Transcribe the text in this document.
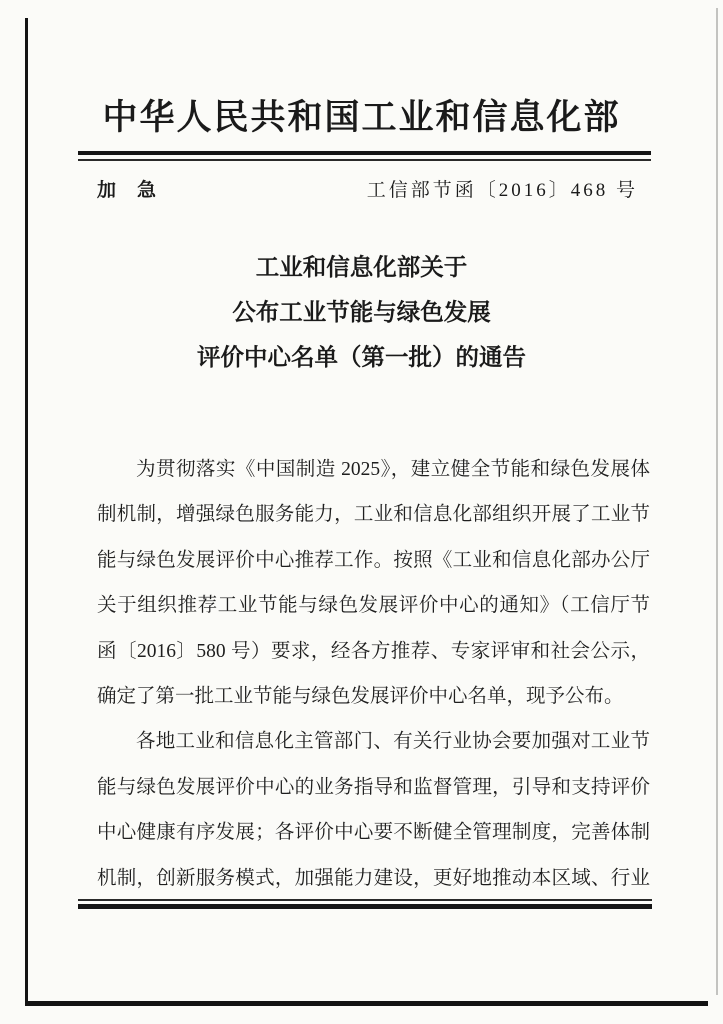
中华人民共和国工业和信息化部
加　急	工信部节函〔2016〕468 号
工业和信息化部关于
公布工业节能与绿色发展
评价中心名单（第一批）的通告
为贯彻落实《中国制造 2025》，建立健全节能和绿色发展体
制机制，增强绿色服务能力，工业和信息化部组织开展了工业节
能与绿色发展评价中心推荐工作。按照《工业和信息化部办公厅
关于组织推荐工业节能与绿色发展评价中心的通知》（工信厅节
函〔2016〕580 号）要求，经各方推荐、专家评审和社会公示，
确定了第一批工业节能与绿色发展评价中心名单，现予公布。
各地工业和信息化主管部门、有关行业协会要加强对工业节
能与绿色发展评价中心的业务指导和监督管理，引导和支持评价
中心健康有序发展；各评价中心要不断健全管理制度，完善体制
机制，创新服务模式，加强能力建设，更好地推动本区域、行业
